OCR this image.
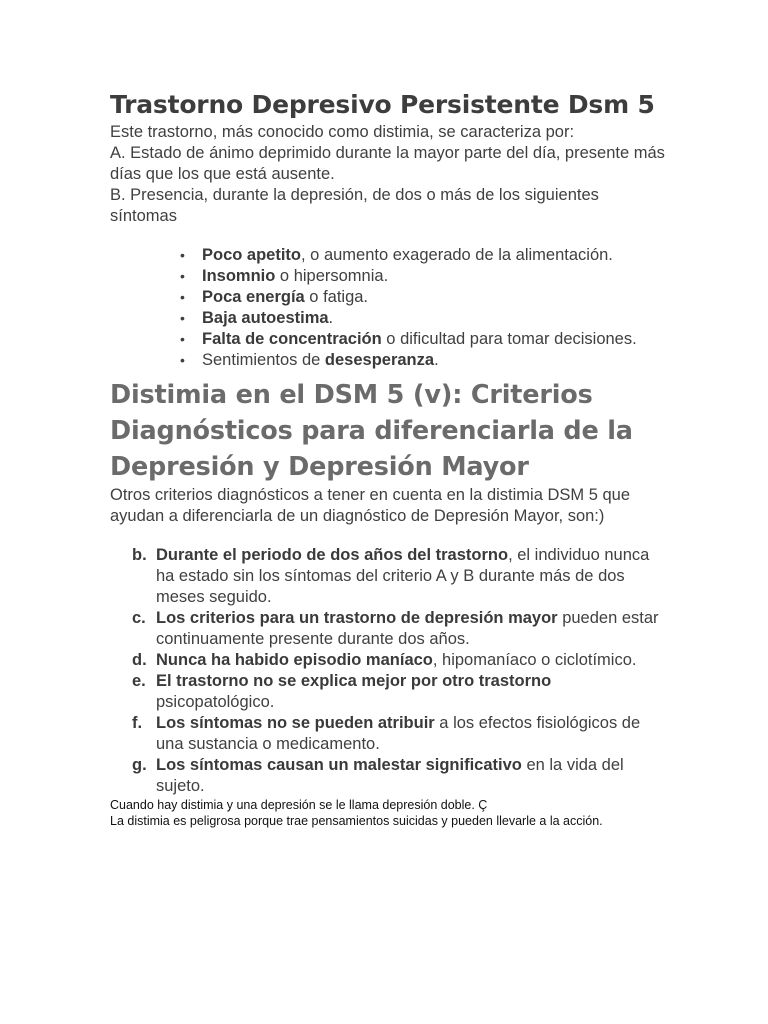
Trastorno Depresivo Persistente Dsm 5

Este trastorno, más conocido como distimia, se caracteriza por:

A. Estado de ánimo deprimido durante la mayor parte del día, presente más días que los que está ausente.

B. Presencia, durante la depresión, de dos o más de los siguientes síntomas

• Poco apetito, o aumento exagerado de la alimentación.
• Insomnio o hipersomnia.
• Poca energía o fatiga.
• Baja autoestima.
• Falta de concentración o dificultad para tomar decisiones.
• Sentimientos de desesperanza.
Distimia en el DSM 5 (v): Criterios Diagnósticos para diferenciarla de la Depresión y Depresión Mayor

Otros criterios diagnósticos a tener en cuenta en la distimia DSM 5 que ayudan a diferenciarla de un diagnóstico de Depresión Mayor, son:)

b. Durante el periodo de dos años del trastorno, el individuo nunca ha estado sin los síntomas del criterio A y B durante más de dos meses seguido.
c. Los criterios para un trastorno de depresión mayor pueden estar continuamente presente durante dos años.
d. Nunca ha habido episodio maníaco, hipomaníaco o ciclotímico.
e. El trastorno no se explica mejor por otro trastorno psicopatológico.
f. Los síntomas no se pueden atribuir a los efectos fisiológicos de una sustancia o medicamento.
g. Los síntomas causan un malestar significativo en la vida del sujeto.

Cuando hay distimia y una depresión se le llama depresión doble. Ç

La distimia es peligrosa porque trae pensamientos suicidas y pueden llevarle a la acción.
